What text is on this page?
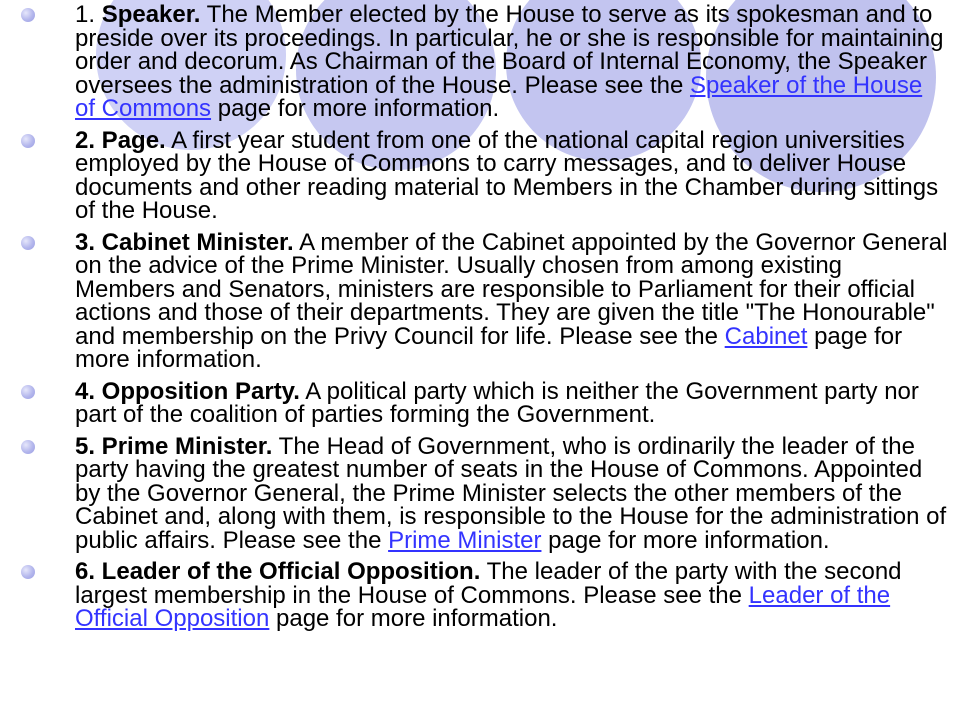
1. Speaker. The Member elected by the House to serve as its spokesman and to preside over its proceedings. In particular, he or she is responsible for maintaining order and decorum. As Chairman of the Board of Internal Economy, the Speaker oversees the administration of the House. Please see the Speaker of the House of Commons page for more information.
2. Page. A first year student from one of the national capital region universities employed by the House of Commons to carry messages, and to deliver House documents and other reading material to Members in the Chamber during sittings of the House.
3. Cabinet Minister. A member of the Cabinet appointed by the Governor General on the advice of the Prime Minister. Usually chosen from among existing Members and Senators, ministers are responsible to Parliament for their official actions and those of their departments. They are given the title "The Honourable" and membership on the Privy Council for life. Please see the Cabinet page for more information.
4. Opposition Party. A political party which is neither the Government party nor part of the coalition of parties forming the Government.
5. Prime Minister. The Head of Government, who is ordinarily the leader of the party having the greatest number of seats in the House of Commons. Appointed by the Governor General, the Prime Minister selects the other members of the Cabinet and, along with them, is responsible to the House for the administration of public affairs. Please see the Prime Minister page for more information.
6. Leader of the Official Opposition. The leader of the party with the second largest membership in the House of Commons. Please see the Leader of the Official Opposition page for more information.
